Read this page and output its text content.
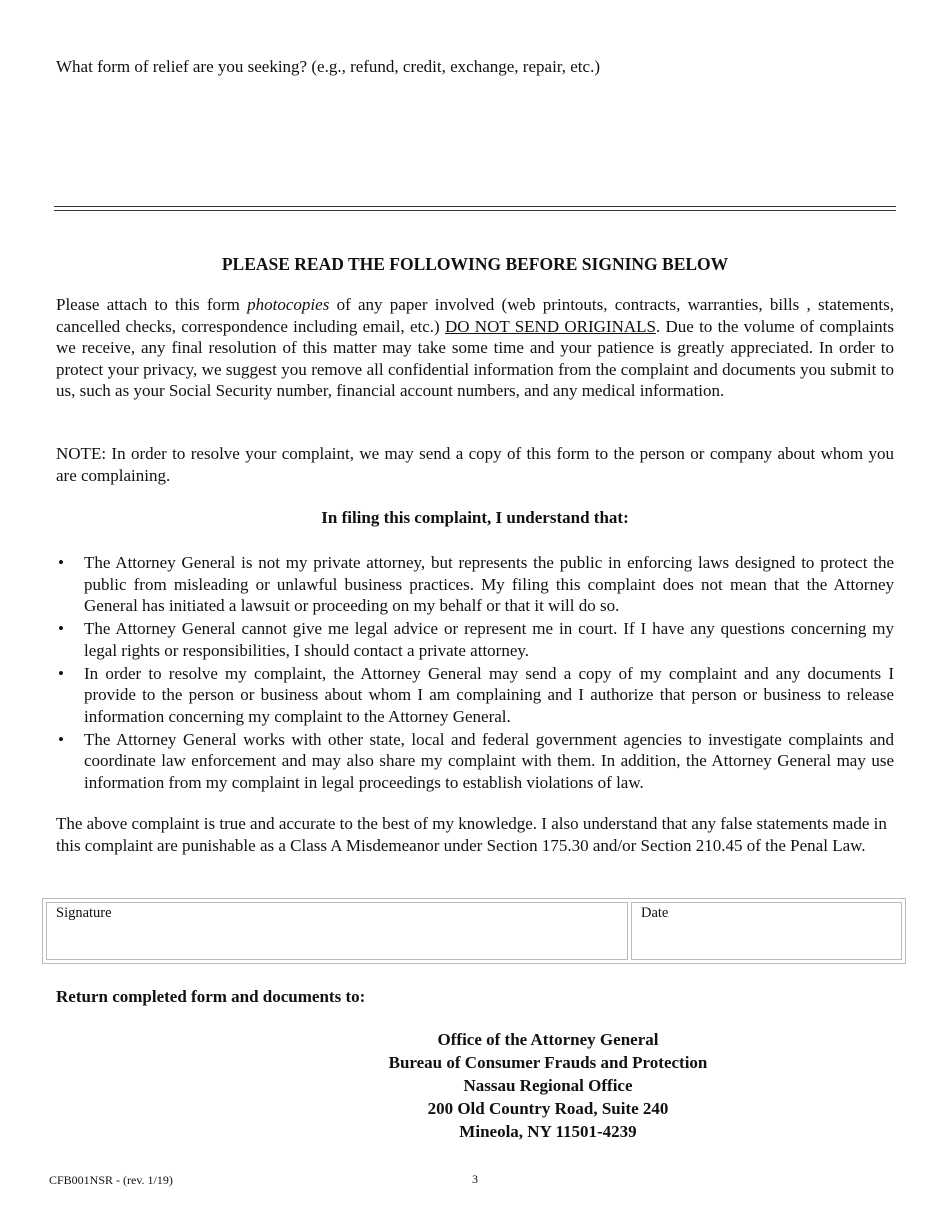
What form of relief are you seeking? (e.g., refund, credit, exchange, repair, etc.)
PLEASE READ THE FOLLOWING BEFORE SIGNING BELOW

Please attach to this form photocopies of any paper involved (web printouts, contracts, warranties, bills , statements, cancelled checks, correspondence including email, etc.) DO NOT SEND ORIGINALS. Due to the volume of complaints we receive, any final resolution of this matter may take some time and your patience is greatly appreciated. In order to protect your privacy, we suggest you remove all confidential information from the complaint and documents you submit to us, such as your Social Security number, financial account numbers, and any medical information.

NOTE: In order to resolve your complaint, we may send a copy of this form to the person or company about whom you are complaining.

In filing this complaint, I understand that:
• The Attorney General is not my private attorney, but represents the public in enforcing laws designed to protect the public from misleading or unlawful business practices. My filing this complaint does not mean that the Attorney General has initiated a lawsuit or proceeding on my behalf or that it will do so.
• The Attorney General cannot give me legal advice or represent me in court. If I have any questions concerning my legal rights or responsibilities, I should contact a private attorney.
• In order to resolve my complaint, the Attorney General may send a copy of my complaint and any documents I provide to the person or business about whom I am complaining and I authorize that person or business to release information concerning my complaint to the Attorney General.
• The Attorney General works with other state, local and federal government agencies to investigate complaints and coordinate law enforcement and may also share my complaint with them. In addition, the Attorney General may use information from my complaint in legal proceedings to establish violations of law.

The above complaint is true and accurate to the best of my knowledge. I also understand that any false statements made in this complaint are punishable as a Class A Misdemeanor under Section 175.30 and/or Section 210.45 of the Penal Law.

Signature	Date
Return completed form and documents to:
Office of the Attorney General
Bureau of Consumer Frauds and Protection
Nassau Regional Office
200 Old Country Road, Suite 240
Mineola, NY 11501-4239
CFB001NSR - (rev. 1/19)	3
